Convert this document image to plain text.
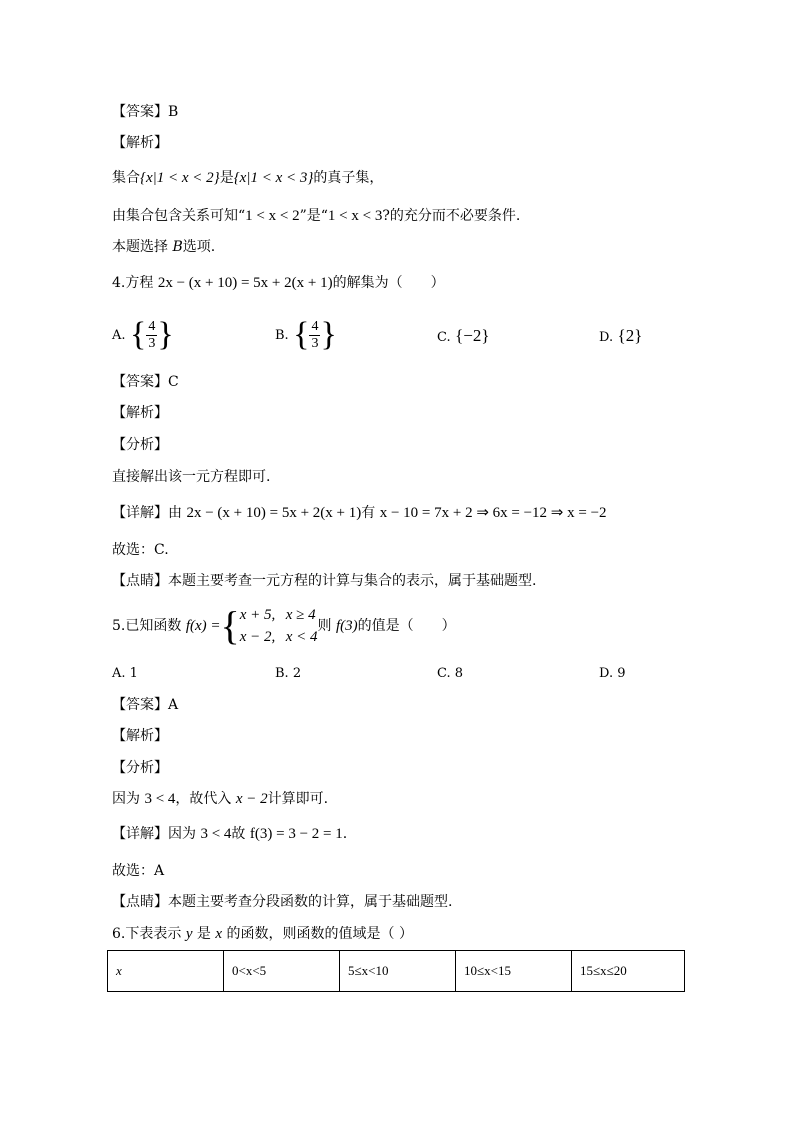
【答案】B
【解析】
集合{x|1 < x < 2}是{x|1 < x < 3}的真子集，
由集合包含关系可知“1 < x < 2”是“1 < x < 3?的充分而不必要条件.
本题选择 B选项.
4.方程 2x − (x + 10) = 5x + 2(x + 1)的解集为（　　）
A. { $\frac{4}{3}$ }	B. { $\frac{4}{3}$ }	C. {−2}	D. {2}
【答案】C
【解析】
【分析】
直接解出该一元方程即可.
【详解】由 2x − (x + 10) = 5x + 2(x + 1)有 x − 10 = 7x + 2 ⇒ 6x = −12 ⇒ x = −2
故选：C.
【点睛】本题主要考查一元方程的计算与集合的表示，属于基础题型.
5.已知函数 f(x) ={ x + 5, x ≥ 4
x − 2, x < 4
则 f(3)的值是（　　）
A. 1	B. 2	C. 8	D. 9
【答案】A
【解析】
【分析】
因为 3 < 4，故代入 x − 2计算即可.
【详解】因为 3 < 4故 f(3) = 3 − 2 = 1.
故选：A
【点睛】本题主要考查分段函数的计算，属于基础题型.
6.下表表示 y 是 x 的函数，则函数的值域是（ ）
x	0<x<5	5≤x<10	10≤x<15	15≤x≤20
